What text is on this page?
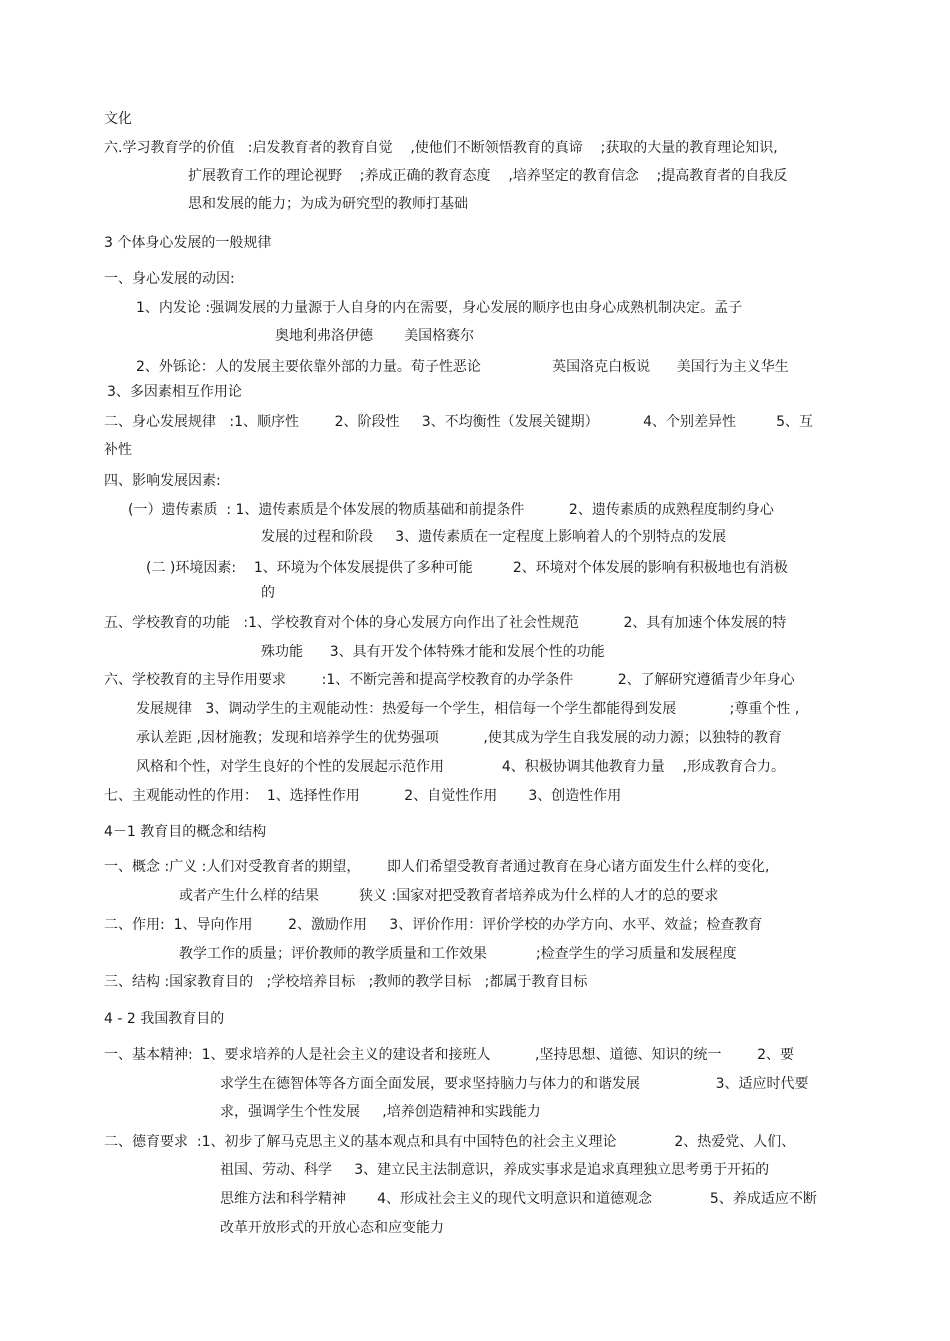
文化
六.学习教育学的价值   :启发教育者的教育自觉    ,使他们不断领悟教育的真谛    ;获取的大量的教育理论知识,
扩展教育工作的理论视野    ;养成正确的教育态度    ,培养坚定的教育信念    ;提高教育者的自我反
思和发展的能力；为成为研究型的教师打基础
3 个体身心发展的一般规律
一、身心发展的动因:
1、内发论 :强调发展的力量源于人自身的内在需要，身心发展的顺序也由身心成熟机制决定。孟子
奥地利弗洛伊德       美国格赛尔
2、外铄论：人的发展主要依靠外部的力量。荀子性恶论                英国洛克白板说      美国行为主义华生
3、多因素相互作用论
二、身心发展规律   :1、顺序性        2、阶段性     3、不均衡性（发展关键期）          4、个别差异性         5、互
补性
四、影响发展因素:
(一）遗传素质  : 1、遗传素质是个体发展的物质基础和前提条件          2、遗传素质的成熟程度制约身心
发展的过程和阶段     3、遗传素质在一定程度上影响着人的个别特点的发展
(二 )环境因素:    1、环境为个体发展提供了多种可能         2、环境对个体发展的影响有积极地也有消极
的
五、学校教育的功能   :1、学校教育对个体的身心发展方向作出了社会性规范          2、具有加速个体发展的特
殊功能      3、具有开发个体特殊才能和发展个性的功能
六、学校教育的主导作用要求        :1、不断完善和提高学校教育的办学条件          2、了解研究遵循青少年身心
发展规律   3、调动学生的主观能动性：热爱每一个学生，相信每一个学生都能得到发展            ;尊重个性 ,
承认差距 ,因材施教；发现和培养学生的优势强项          ,使其成为学生自我发展的动力源；以独特的教育
风格和个性，对学生良好的个性的发展起示范作用             4、积极协调其他教育力量    ,形成教育合力。
七、主观能动性的作用：  1、选择性作用          2、自觉性作用       3、创造性作用
4－1 教育目的概念和结构
一、概念 :广义 :人们对受教育者的期望，      即人们希望受教育者通过教育在身心诸方面发生什么样的变化,
或者产生什么样的结果         狭义 :国家对把受教育者培养成为什么样的人才的总的要求
二、作用:  1、导向作用        2、激励作用     3、评价作用：评价学校的办学方向、水平、效益；检查教育
教学工作的质量；评价教师的教学质量和工作效果           ;检查学生的学习质量和发展程度
三、结构 :国家教育目的   ;学校培养目标   ;教师的教学目标   ;都属于教育目标
4 - 2 我国教育目的
一、基本精神:  1、要求培养的人是社会主义的建设者和接班人          ,坚持思想、道德、知识的统一        2、要
求学生在德智体等各方面全面发展，要求坚持脑力与体力的和谐发展                 3、适应时代要
求，强调学生个性发展     ,培养创造精神和实践能力
二、德育要求  :1、初步了解马克思主义的基本观点和具有中国特色的社会主义理论             2、热爱党、人们、
祖国、劳动、科学     3、建立民主法制意识，养成实事求是追求真理独立思考勇于开拓的
思维方法和科学精神       4、形成社会主义的现代文明意识和道德观念             5、养成适应不断
改革开放形式的开放心态和应变能力
